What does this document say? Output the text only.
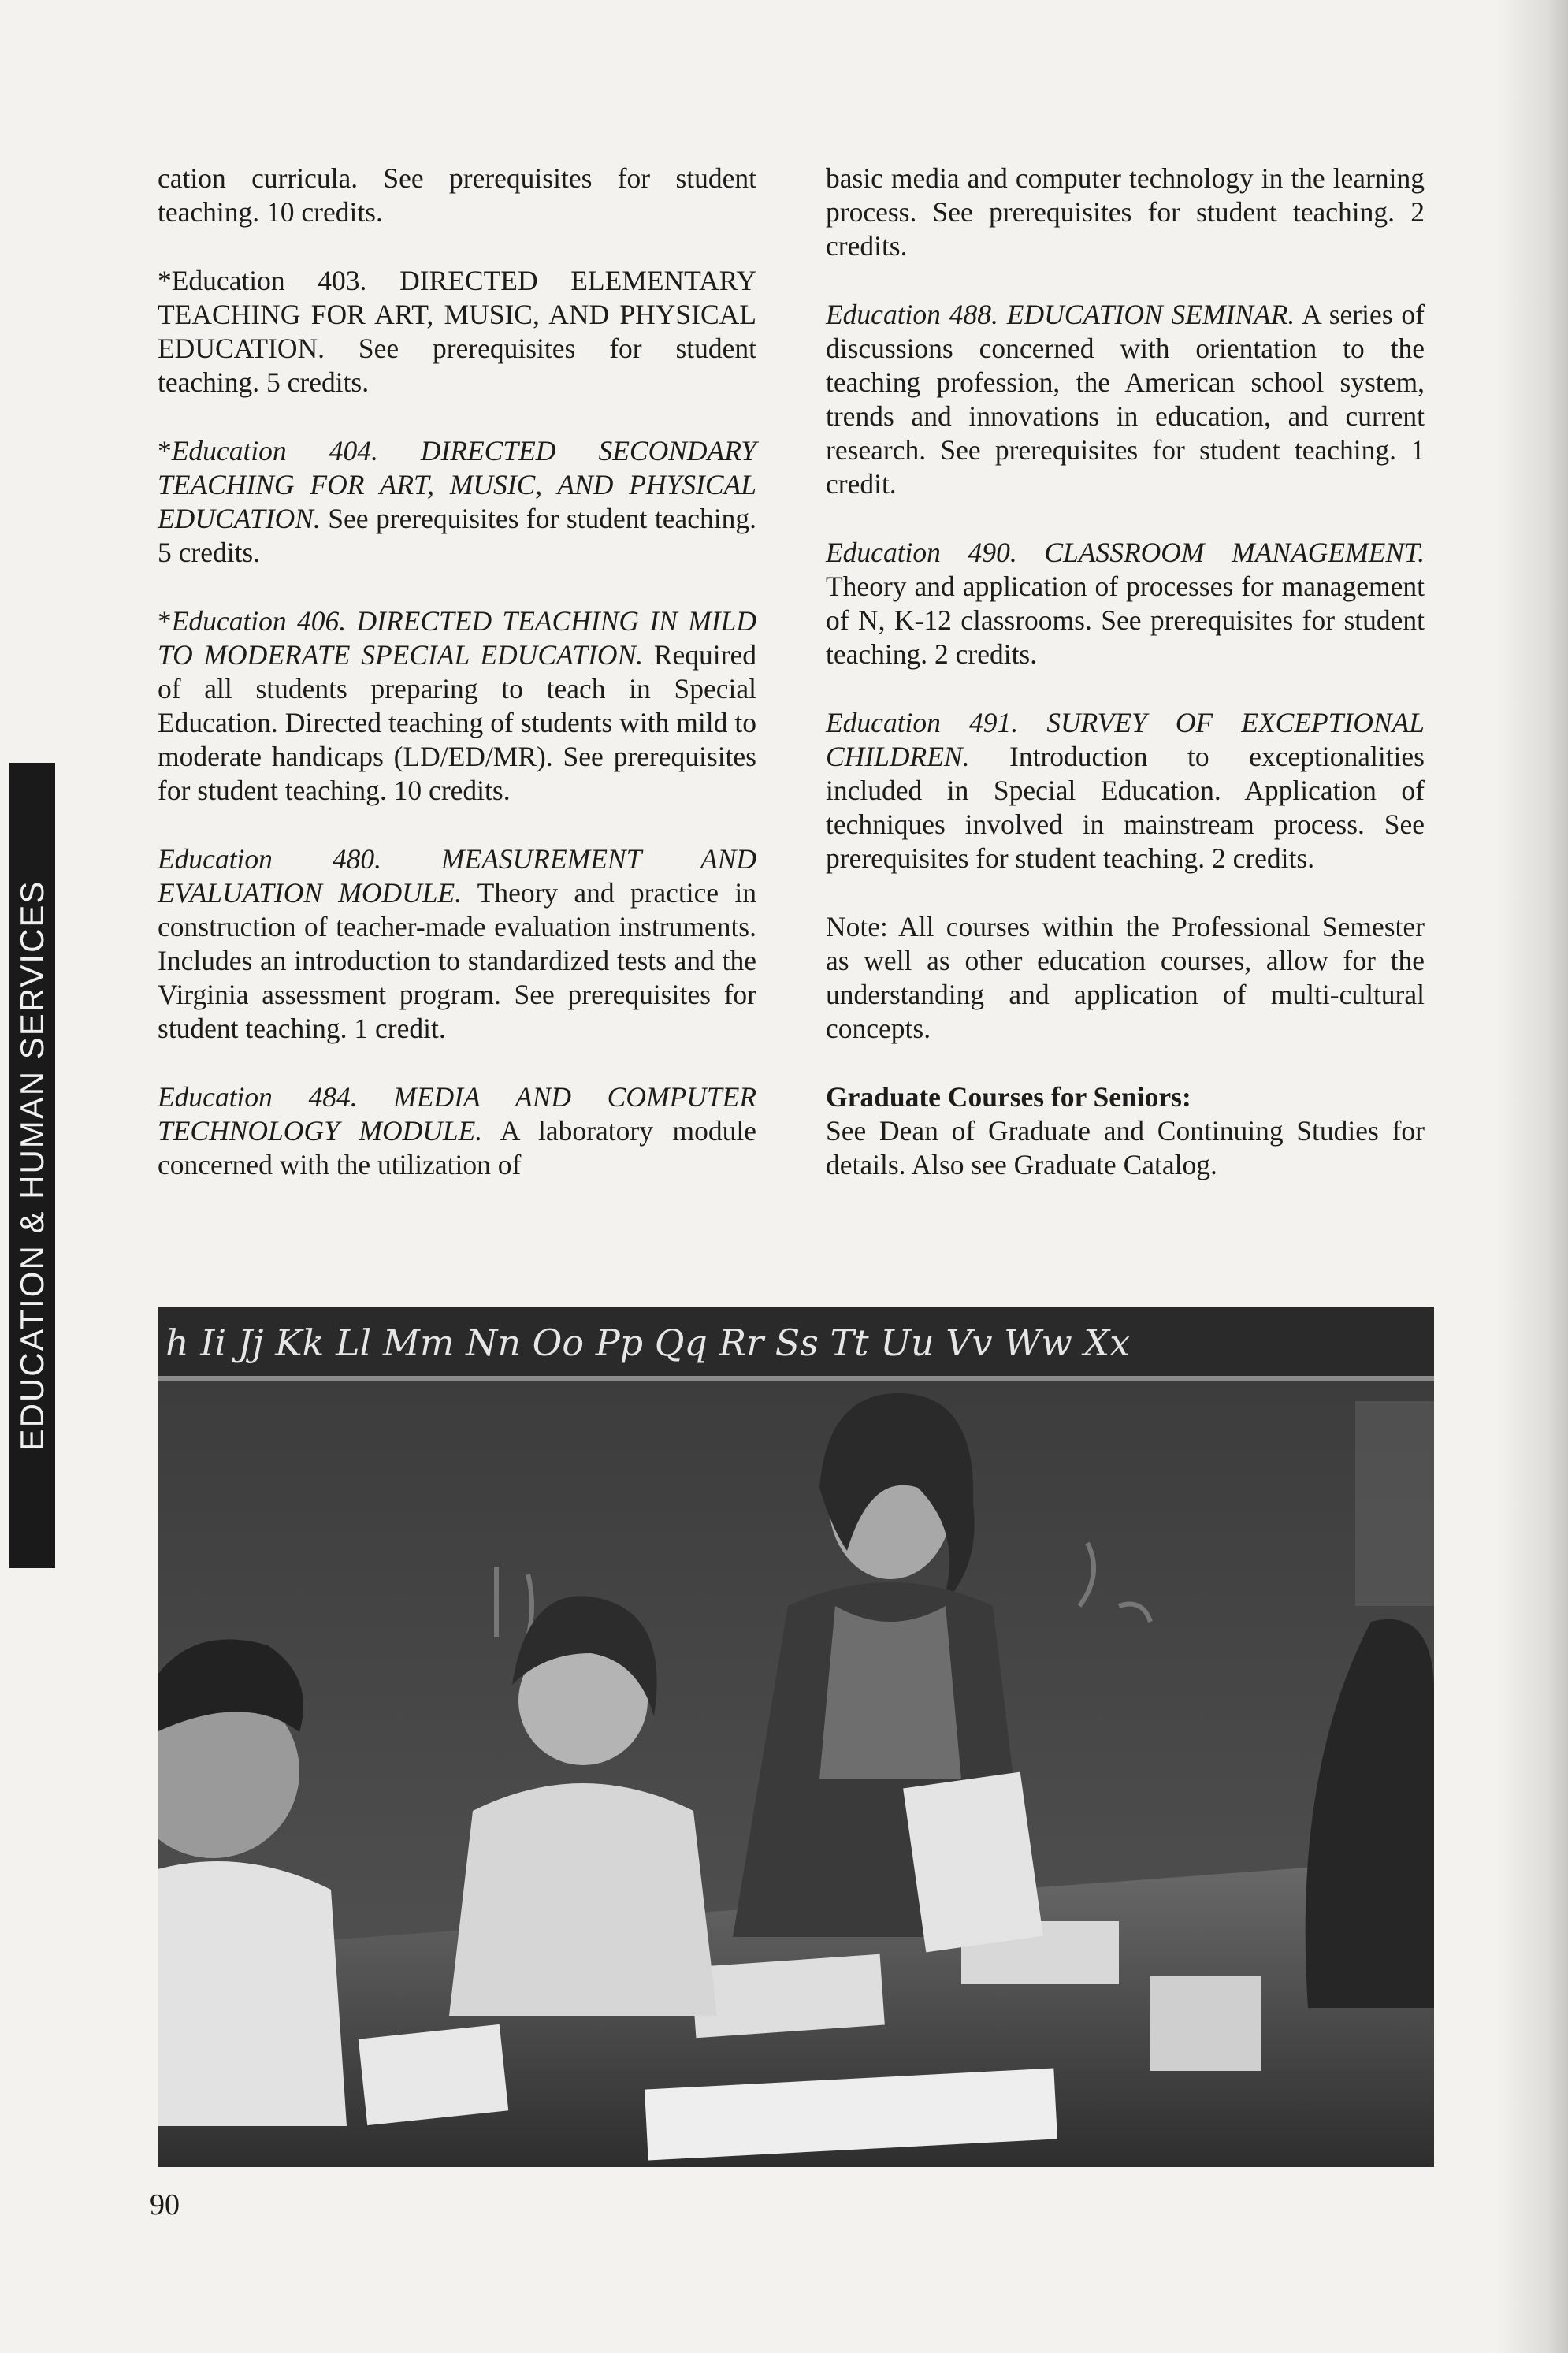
EDUCATION & HUMAN SERVICES

cation curricula. See prerequisites for student teaching. 10 credits.

*Education 403. DIRECTED ELEMENTARY TEACHING FOR ART, MUSIC, AND PHYSICAL EDUCATION. See prerequisites for student teaching. 5 credits.

*Education 404. DIRECTED SECONDARY TEACHING FOR ART, MUSIC, AND PHYSICAL EDUCATION. See prerequisites for student teaching. 5 credits.

*Education 406. DIRECTED TEACHING IN MILD TO MODERATE SPECIAL EDUCATION. Required of all students preparing to teach in Special Education. Directed teaching of students with mild to moderate handicaps (LD/ED/MR). See prerequisites for student teaching. 10 credits.

Education 480. MEASUREMENT AND EVALUATION MODULE. Theory and practice in construction of teacher-made evaluation instruments. Includes an introduction to standardized tests and the Virginia assessment program. See prerequisites for student teaching. 1 credit.

Education 484. MEDIA AND COMPUTER TECHNOLOGY MODULE. A laboratory module concerned with the utilization of

basic media and computer technology in the learning process. See prerequisites for student teaching. 2 credits.

Education 488. EDUCATION SEMINAR. A series of discussions concerned with orientation to the teaching profession, the American school system, trends and innovations in education, and current research. See prerequisites for student teaching. 1 credit.

Education 490. CLASSROOM MANAGEMENT. Theory and application of processes for management of N, K-12 classrooms. See prerequisites for student teaching. 2 credits.

Education 491. SURVEY OF EXCEPTIONAL CHILDREN. Introduction to exceptionalities included in Special Education. Application of techniques involved in mainstream process. See prerequisites for student teaching. 2 credits.

Note: All courses within the Professional Semester as well as other education courses, allow for the understanding and application of multi-cultural concepts.

Graduate Courses for Seniors:

See Dean of Graduate and Continuing Studies for details. Also see Graduate Catalog.

h Ii Jj Kk Ll Mm Nn Oo Pp Qq Rr Ss Tt Uu Vv Ww Xx
90
